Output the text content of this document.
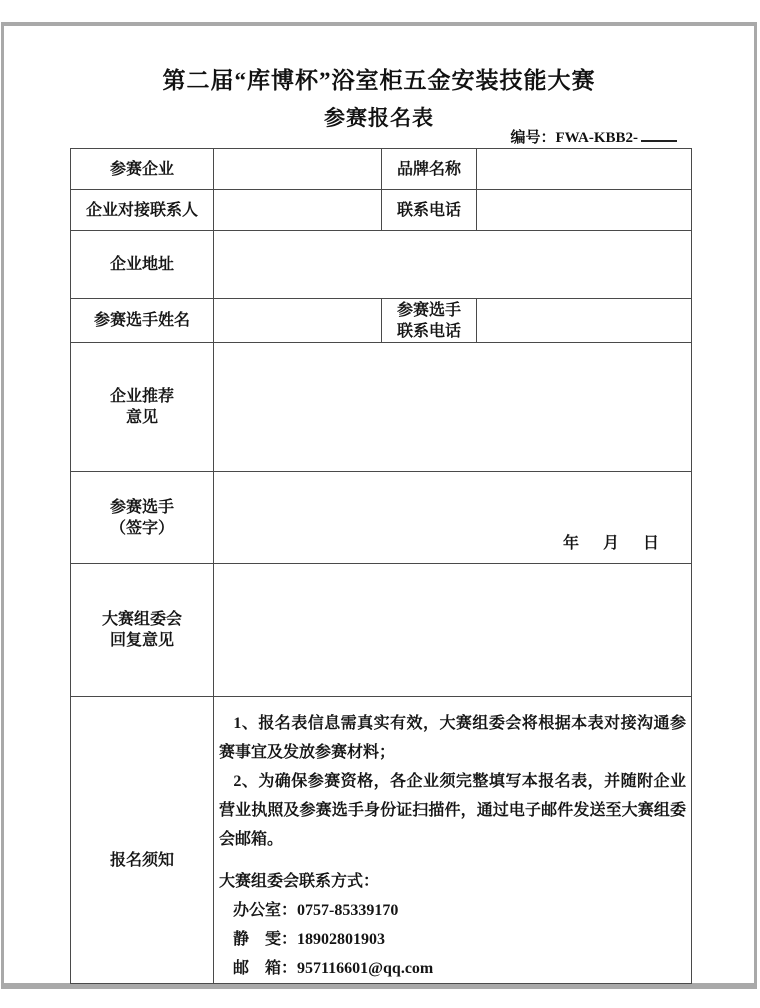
第二届“库博杯”浴室柜五金安装技能大赛
参赛报名表
编号：FWA-KBB2-
参赛企业		品牌名称	
企业对接联系人		联系电话	
企业地址			
参赛选手姓名		参赛选手
联系电话	

企业推荐
意见			

参赛选手
（签字）	年　月　日		

大赛组委会
回复意见			

报名须知	
1、报名表信息需真实有效，大赛组委会将根据本表对接沟通参赛事宜及发放参赛材料；
2、为确保参赛资格，各企业须完整填写本报名表，并随附企业营业执照及参赛选手身份证扫描件，通过电子邮件发送至大赛组委会邮箱。
大赛组委会联系方式：
办公室：0757-85339170
静　雯：18902801903
邮　箱：957116601@qq.com
